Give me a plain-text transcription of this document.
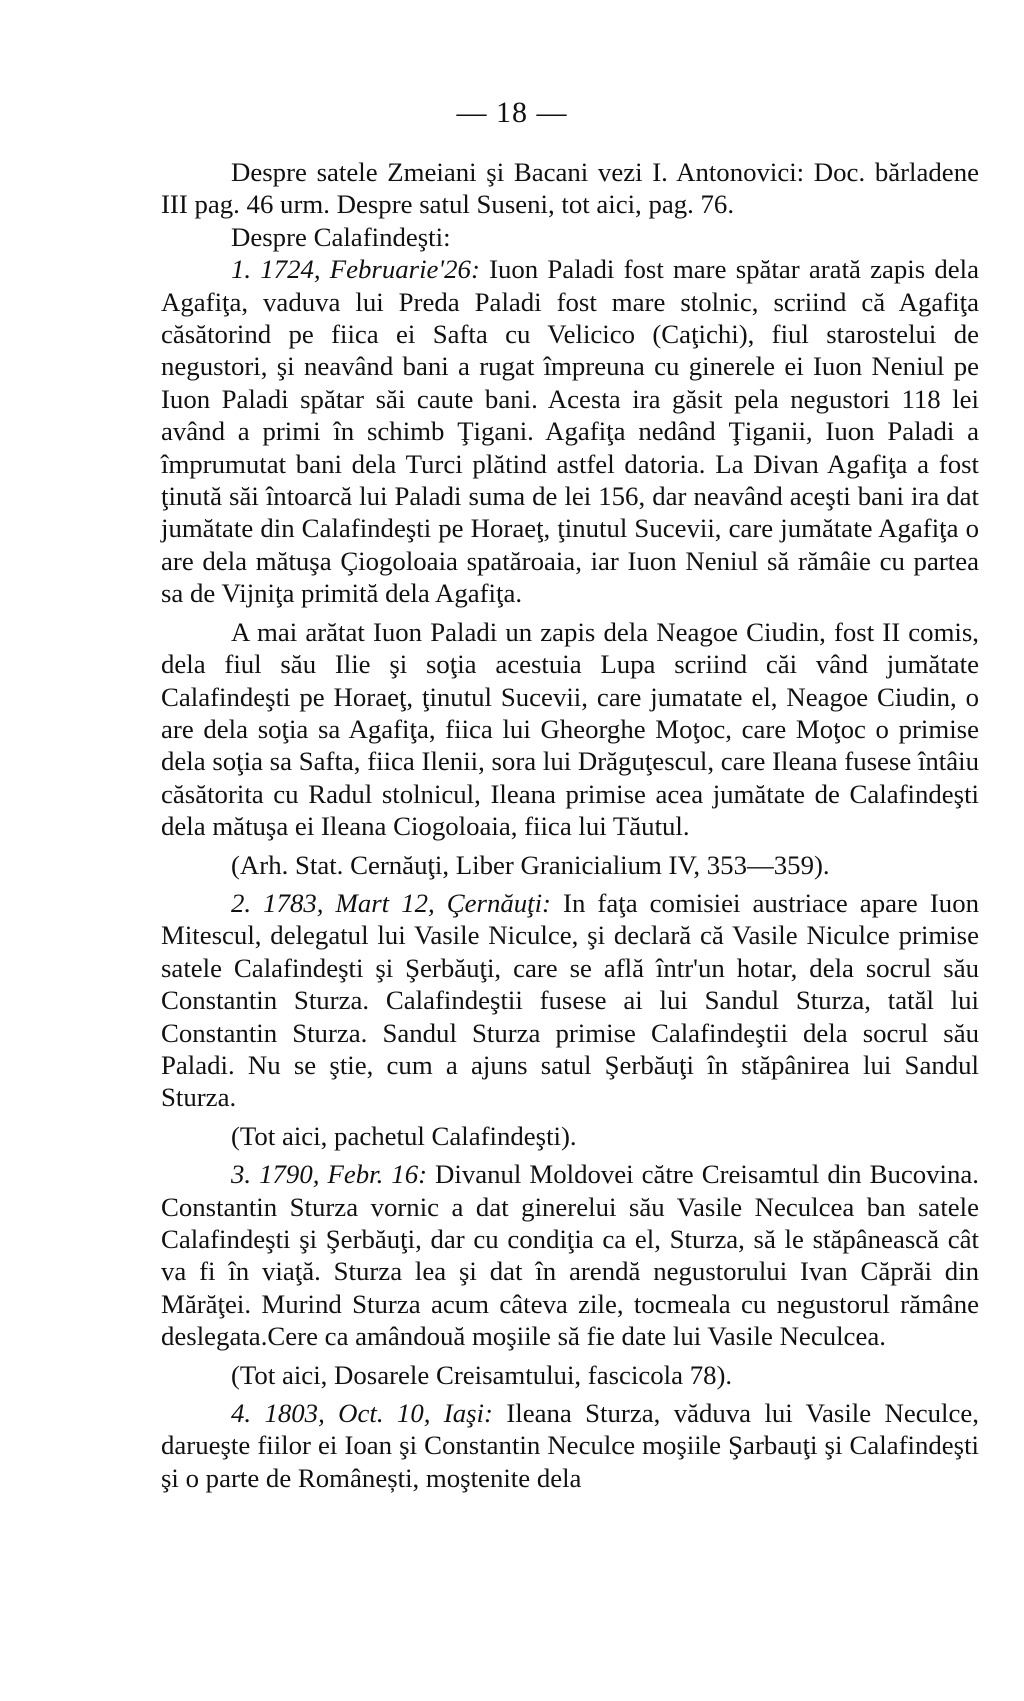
— 18 —

Despre satele Zmeiani şi Bacani vezi I. Antonovici: Doc. bărladene III pag. 46 urm. Despre satul Suseni, tot aici, pag. 76.

Despre Calafindeşti:

1. 1724, Februarie'26: Iuon Paladi fost mare spătar arată zapis dela Agafiţa, vaduva lui Preda Paladi fost mare stolnic, scriind că Agafiţa căsătorind pe fiica ei Safta cu Velicico (Caţichi), fiul starostelui de negustori, şi neavând bani a rugat împreuna cu ginerele ei Iuon Neniul pe Iuon Paladi spătar săi caute bani. Acesta ira găsit pela negustori 118 lei având a primi în schimb Ţigani. Agafiţa nedând Ţiganii, Iuon Paladi a împrumutat bani dela Turci plătind astfel datoria. La Divan Agafiţa a fost ţinută săi întoarcă lui Paladi suma de lei 156, dar neavând aceşti bani ira dat jumătate din Calafindeşti pe Horaeţ, ţinutul Sucevii, care jumătate Agafiţa o are dela mătuşa Çiogoloaia spatăroaia, iar Iuon Neniul să rămâie cu partea sa de Vijniţa primită dela Agafiţa.

A mai arătat Iuon Paladi un zapis dela Neagoe Ciudin, fost II comis, dela fiul său Ilie şi soţia acestuia Lupa scriind căi vând jumătate Calafindeşti pe Horaeţ, ţinutul Sucevii, care jumatate el, Neagoe Ciudin, o are dela soţia sa Agafiţa, fiica lui Gheorghe Moţoc, care Moţoc o primise dela soţia sa Safta, fiica Ilenii, sora lui Drăguţescul, care Ileana fusese întâiu căsătorita cu Radul stolnicul, Ileana primise acea jumătate de Calafindeşti dela mătuşa ei Ileana Ciogoloaia, fiica lui Tăutul.

(Arh. Stat. Cernăuţi, Liber Granicialium IV, 353—359).

2. 1783, Mart 12, Çernăuţi: In faţa comisiei austriace apare Iuon Mitescul, delegatul lui Vasile Niculce, şi declară că Vasile Niculce primise satele Calafindeşti şi Şerbăuţi, care se află într'un hotar, dela socrul său Constantin Sturza. Calafindeştii fusese ai lui Sandul Sturza, tatăl lui Constantin Sturza. Sandul Sturza primise Calafindeştii dela socrul său Paladi. Nu se ştie, cum a ajuns satul Şerbăuţi în stăpânirea lui Sandul Sturza.

(Tot aici, pachetul Calafindeşti).

3. 1790, Febr. 16: Divanul Moldovei către Creisamtul din Bucovina. Constantin Sturza vornic a dat ginerelui său Vasile Neculcea ban satele Calafindeşti şi Şerbăuţi, dar cu condiţia ca el, Sturza, să le stăpânească cât va fi în viaţă. Sturza lea şi dat în arendă negustorului Ivan Căprăi din Mărăţei. Murind Sturza acum câteva zile, tocmeala cu negustorul rămâne deslegata.Cere ca amândouă moşiile să fie date lui Vasile Neculcea.

(Tot aici, Dosarele Creisamtului, fascicola 78).

4. 1803, Oct. 10, Iaşi: Ileana Sturza, văduva lui Vasile Neculce, darueşte fiilor ei Ioan şi Constantin Neculce moşiile Şarbauţi şi Calafindeşti şi o parte de Românești, moştenite dela
